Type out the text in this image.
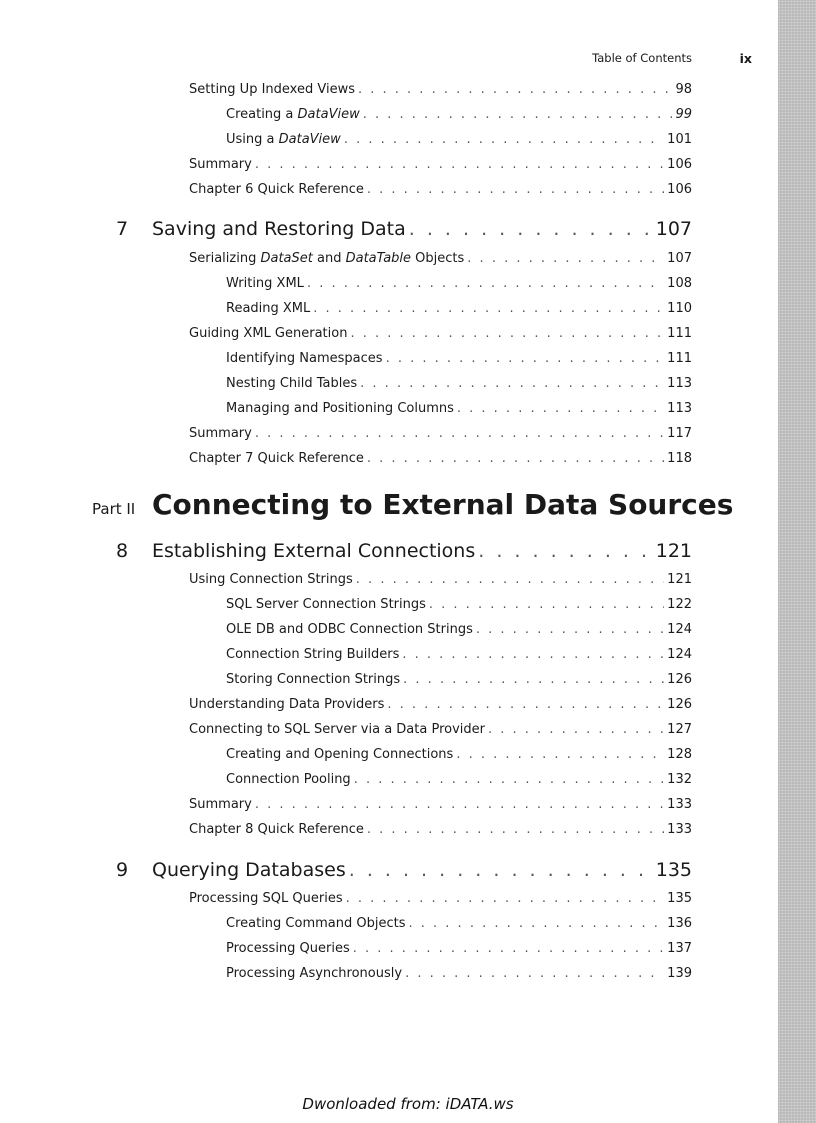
Table of Contents	ix
Setting Up Indexed Views . . .	98
Creating a DataView . . .	99
Using a DataView . . .	101
Summary . . .	106
Chapter 6 Quick Reference . . .	106
7	Saving and Restoring Data . . .	107
Serializing DataSet and DataTable Objects . . .	107
Writing XML . . .	108
Reading XML . . .	110
Guiding XML Generation . . .	111
Identifying Namespaces . . .	111
Nesting Child Tables . . .	113
Managing and Positioning Columns . . .	113
Summary . . .	117
Chapter 7 Quick Reference . . .	118
Part II Connecting to External Data Sources
8	Establishing External Connections . . .	121
Using Connection Strings . . .	121
SQL Server Connection Strings . . .	122
OLE DB and ODBC Connection Strings . . .	124
Connection String Builders . . .	124
Storing Connection Strings . . .	126
Understanding Data Providers . . .	126
Connecting to SQL Server via a Data Provider . . .	127
Creating and Opening Connections . . .	128
Connection Pooling . . .	132
Summary . . .	133
Chapter 8 Quick Reference . . .	133
9	Querying Databases . . .	135
Processing SQL Queries . . .	135
Creating Command Objects . . .	136
Processing Queries . . .	137
Processing Asynchronously . . .	139
Dwonloaded from: iDATA.ws
